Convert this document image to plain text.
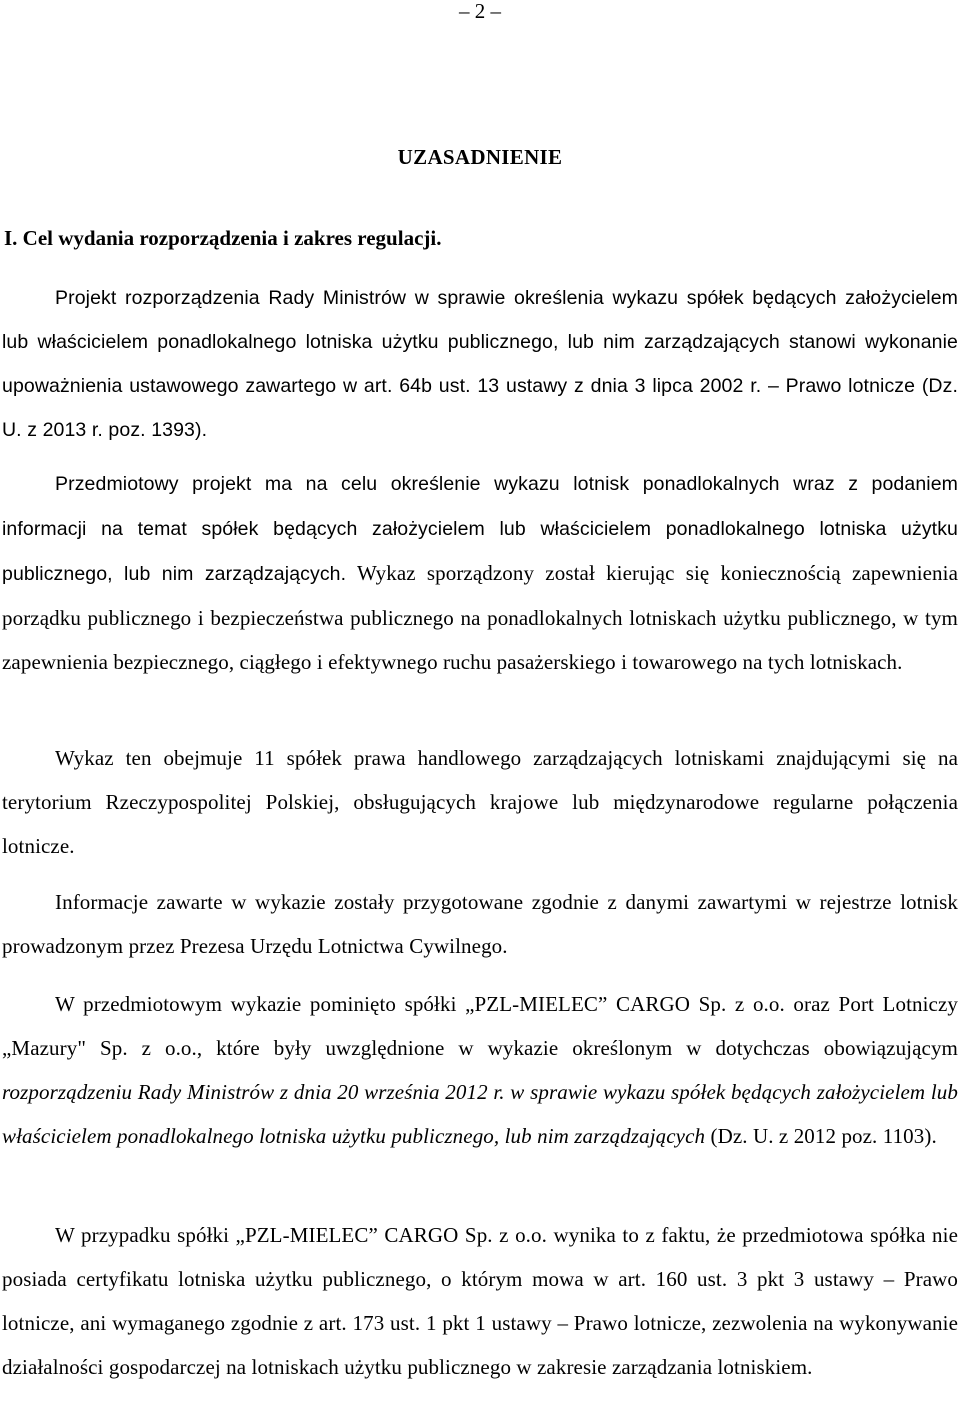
– 2 –
UZASADNIENIE
I. Cel wydania rozporządzenia i zakres regulacji.

Projekt rozporządzenia Rady Ministrów w sprawie określenia wykazu spółek będących założycielem lub właścicielem ponadlokalnego lotniska użytku publicznego, lub nim zarządzających stanowi wykonanie upoważnienia ustawowego zawartego w art. 64b ust. 13 ustawy z dnia 3 lipca 2002 r. – Prawo lotnicze (Dz. U. z 2013 r. poz. 1393).

Przedmiotowy projekt ma na celu określenie wykazu lotnisk ponadlokalnych wraz z podaniem informacji na temat spółek będących założycielem lub właścicielem ponadlokalnego lotniska użytku publicznego, lub nim zarządzających. Wykaz sporządzony został kierując się koniecznością zapewnienia porządku publicznego i bezpieczeństwa publicznego na ponadlokalnych lotniskach użytku publicznego, w tym zapewnienia bezpiecznego, ciągłego i efektywnego ruchu pasażerskiego i towarowego na tych lotniskach.

Wykaz ten obejmuje 11 spółek prawa handlowego zarządzających lotniskami znajdującymi się na terytorium Rzeczypospolitej Polskiej, obsługujących krajowe lub międzynarodowe regularne połączenia lotnicze.

Informacje zawarte w wykazie zostały przygotowane zgodnie z danymi zawartymi w rejestrze lotnisk prowadzonym przez Prezesa Urzędu Lotnictwa Cywilnego.

W przedmiotowym wykazie pominięto spółki „PZL-MIELEC” CARGO Sp. z o.o. oraz Port Lotniczy „Mazury" Sp. z o.o., które były uwzględnione w wykazie określonym w dotychczas obowiązującym rozporządzeniu Rady Ministrów z dnia 20 września 2012 r. w sprawie wykazu spółek będących założycielem lub właścicielem ponadlokalnego lotniska użytku publicznego, lub nim zarządzających (Dz. U. z 2012 poz. 1103).

W przypadku spółki „PZL-MIELEC” CARGO Sp. z o.o. wynika to z faktu, że przedmiotowa spółka nie posiada certyfikatu lotniska użytku publicznego, o którym mowa w art. 160 ust. 3 pkt 3 ustawy – Prawo lotnicze, ani wymaganego zgodnie z art. 173 ust. 1 pkt 1 ustawy – Prawo lotnicze, zezwolenia na wykonywanie działalności gospodarczej na lotniskach użytku publicznego w zakresie zarządzania lotniskiem.
